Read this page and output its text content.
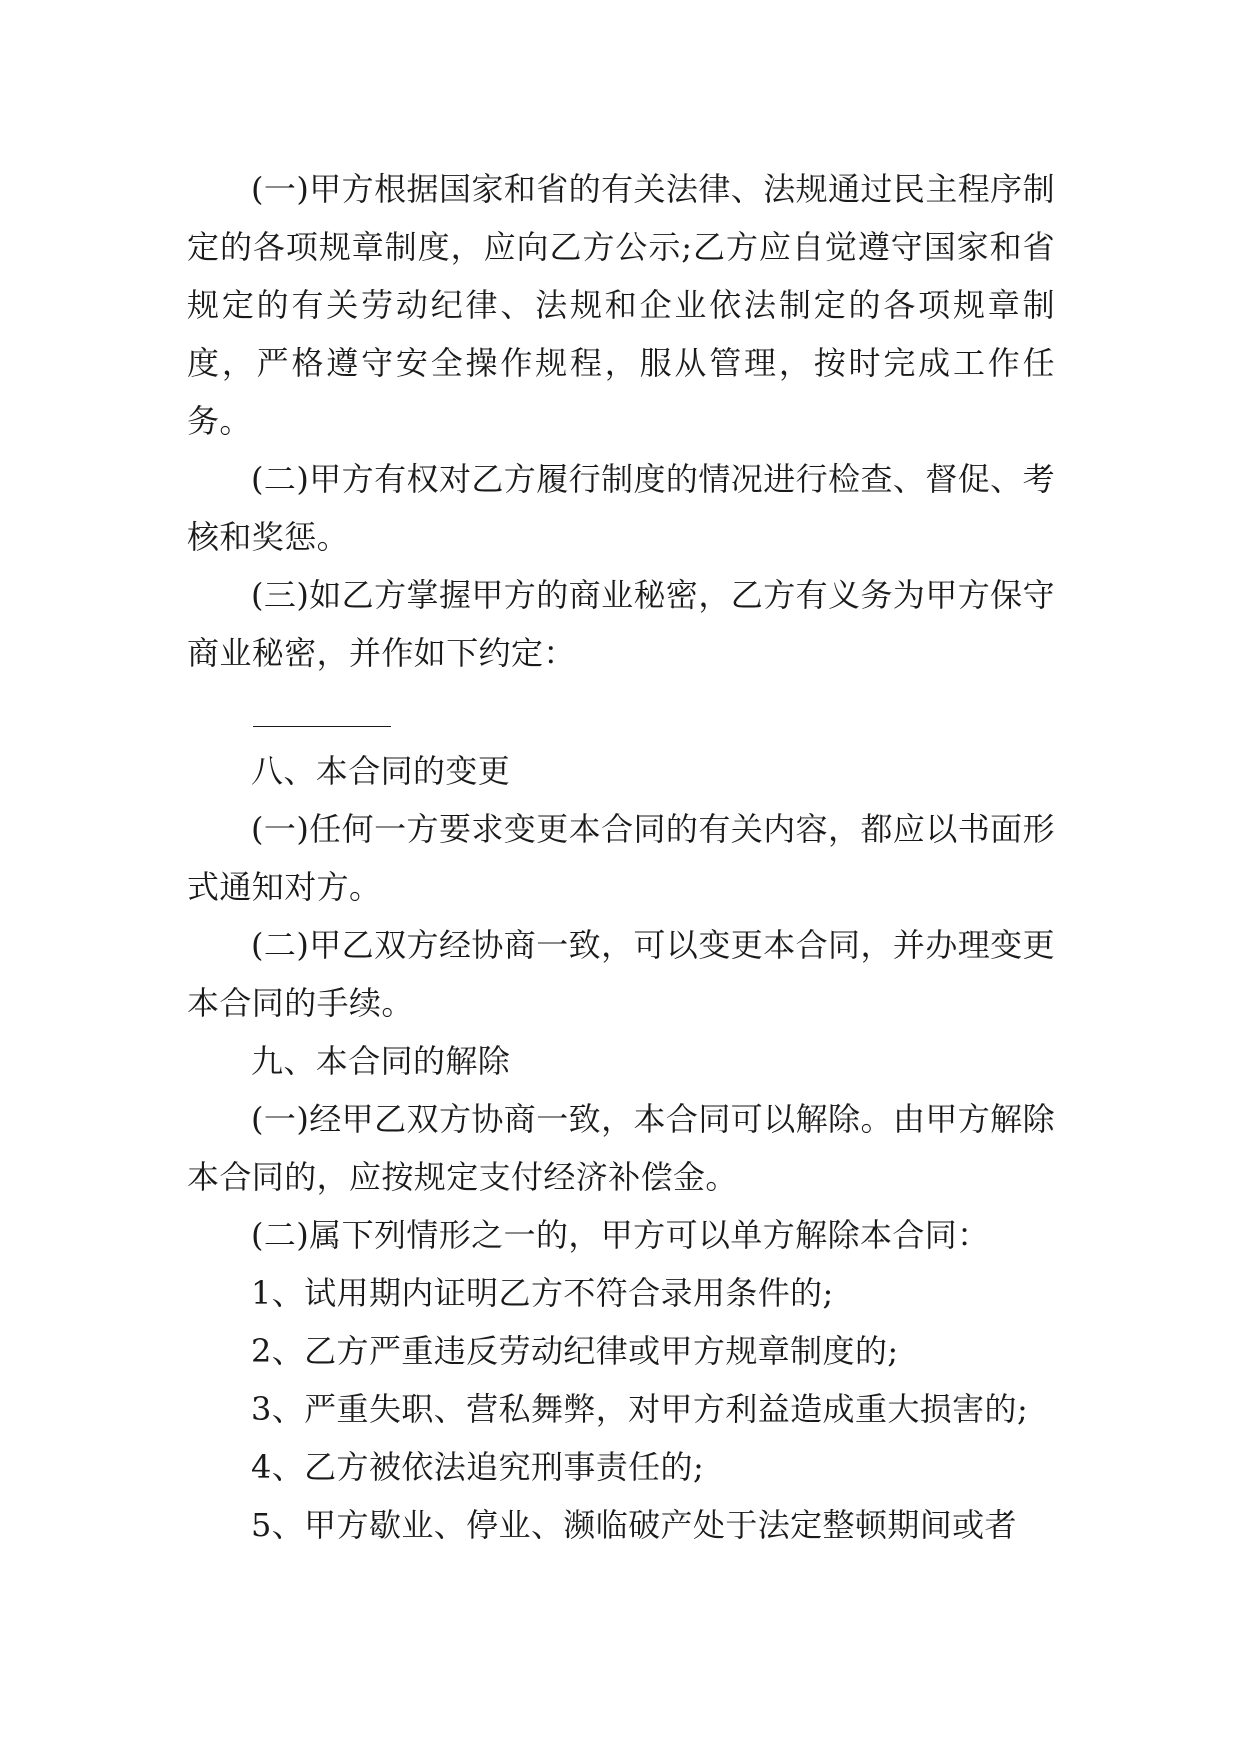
(一)甲方根据国家和省的有关法律、法规通过民主程序制定的各项规章制度，应向乙方公示;乙方应自觉遵守国家和省规定的有关劳动纪律、法规和企业依法制定的各项规章制度，严格遵守安全操作规程，服从管理，按时完成工作任务。

(二)甲方有权对乙方履行制度的情况进行检查、督促、考核和奖惩。

(三)如乙方掌握甲方的商业秘密，乙方有义务为甲方保守商业秘密，并作如下约定：

八、本合同的变更

(一)任何一方要求变更本合同的有关内容，都应以书面形式通知对方。

(二)甲乙双方经协商一致，可以变更本合同，并办理变更本合同的手续。

九、本合同的解除

(一)经甲乙双方协商一致，本合同可以解除。由甲方解除本合同的，应按规定支付经济补偿金。

(二)属下列情形之一的，甲方可以单方解除本合同：

1、试用期内证明乙方不符合录用条件的;

2、乙方严重违反劳动纪律或甲方规章制度的;

3、严重失职、营私舞弊，对甲方利益造成重大损害的;

4、乙方被依法追究刑事责任的;

5、甲方歇业、停业、濒临破产处于法定整顿期间或者
